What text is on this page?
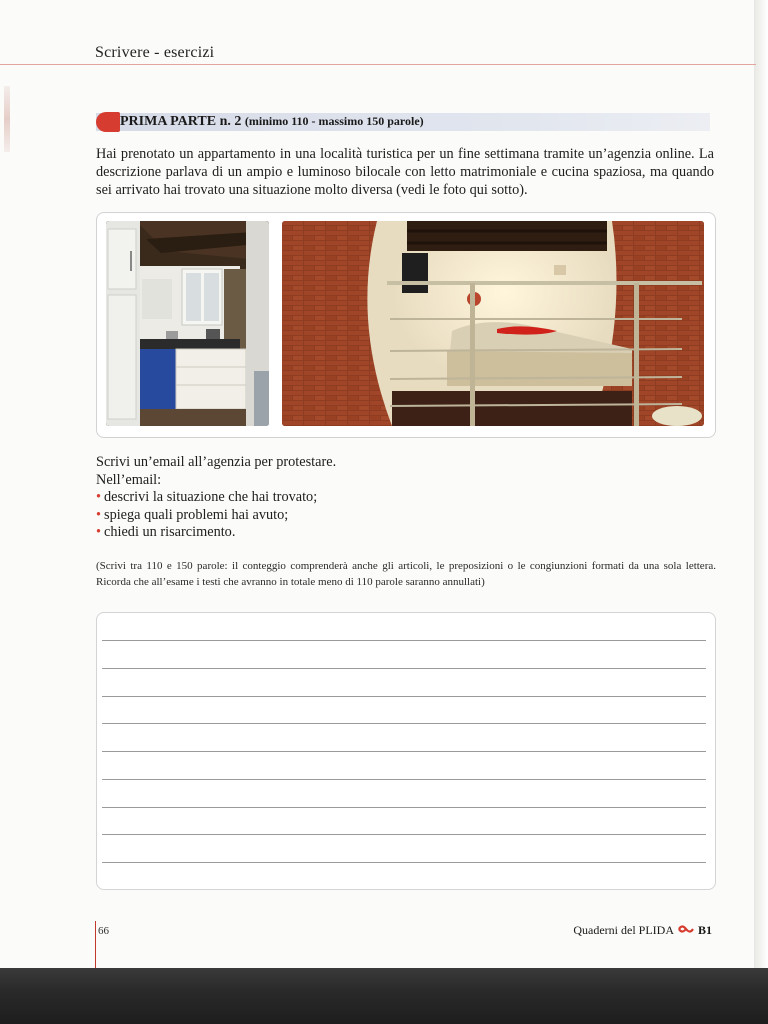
Scrivere - esercizi
PRIMA PARTE n. 2 (minimo 110 - massimo 150 parole)
Hai prenotato un appartamento in una località turistica per un fine settimana tramite un’agenzia online. La descrizione parlava di un ampio e luminoso bilocale con letto matrimoniale e cucina spaziosa, ma quando sei arrivato hai trovato una situazione molto diversa (vedi le foto qui sotto).
Scrivi un’email all’agenzia per protestare.
Nell’email:
• descrivi la situazione che hai trovato;
• spiega quali problemi hai avuto;
• chiedi un risarcimento.
(Scrivi tra 110 e 150 parole: il conteggio comprenderà anche gli articoli, le preposizioni o le congiunzioni formati da una sola lettera. Ricorda che all’esame i testi che avranno in totale meno di 110 parole saranno annullati)
66	Quaderni del PLIDA B1
